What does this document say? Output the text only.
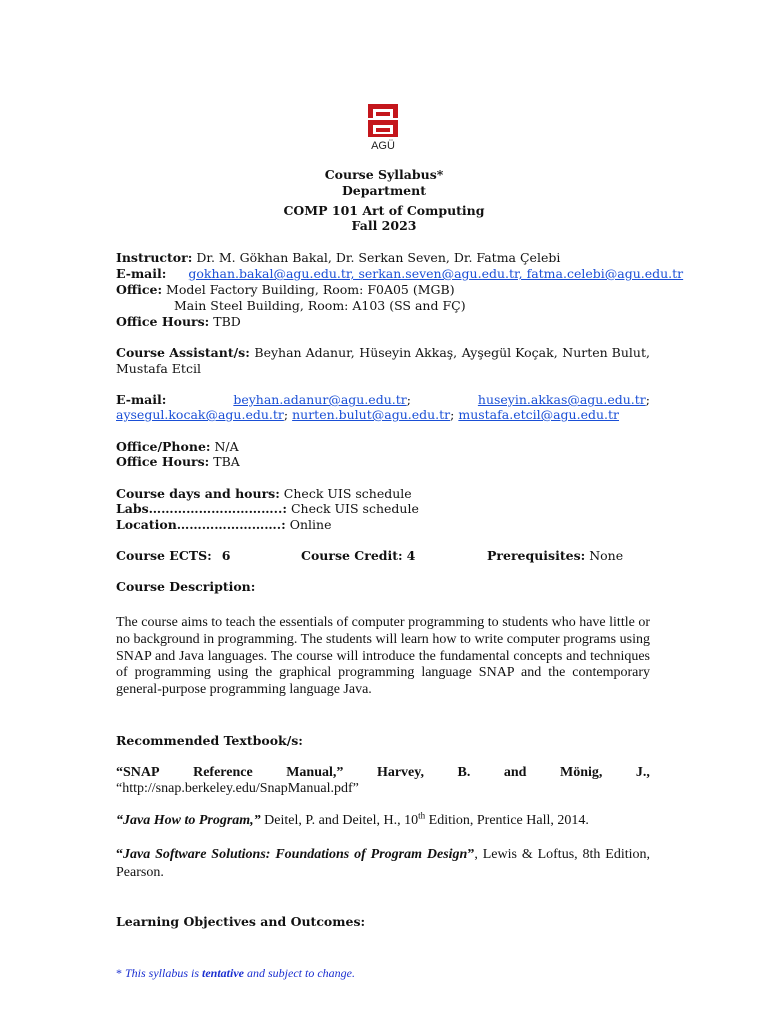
AGÜ
Course Syllabus*
Department
COMP 101 Art of Computing
Fall 2023
Instructor: Dr. M. Gökhan Bakal, Dr. Serkan Seven, Dr. Fatma Çelebi
E-mail: gokhan.bakal@agu.edu.tr, serkan.seven@agu.edu.tr, fatma.celebi@agu.edu.tr
Office: Model Factory Building, Room: F0A05 (MGB)
Main Steel Building, Room: A103 (SS and FÇ)
Office Hours: TBD
Course Assistant/s: Beyhan Adanur, Hüseyin Akkaş, Ayşegül Koçak, Nurten Bulut,
Mustafa Etcil
E-mail:	beyhan.adanur@agu.edu.tr;	huseyin.akkas@agu.edu.tr;
aysegul.kocak@agu.edu.tr; nurten.bulut@agu.edu.tr; mustafa.etcil@agu.edu.tr
Office/Phone: N/A
Office Hours: TBA
Course days and hours: Check UIS schedule
Labs…………………………..: Check UIS schedule
Location…………………….: Online
Course ECTS: 6	Course Credit: 4	Prerequisites: None
Course Description:
The course aims to teach the essentials of computer programming to students who have little or no background in programming. The students will learn how to write computer programs using SNAP and Java languages. The course will introduce the fundamental concepts and techniques of programming using the graphical programming language SNAP and the contemporary general-purpose programming language Java.
Recommended Textbook/s:
“SNAP Reference Manual,” Harvey, B. and Mönig, J.,
“http://snap.berkeley.edu/SnapManual.pdf”
“Java How to Program,” Deitel, P. and Deitel, H., 10th Edition, Prentice Hall, 2014.
“Java Software Solutions: Foundations of Program Design”, Lewis & Loftus, 8th Edition, Pearson.
Learning Objectives and Outcomes:
* This syllabus is tentative and subject to change.
